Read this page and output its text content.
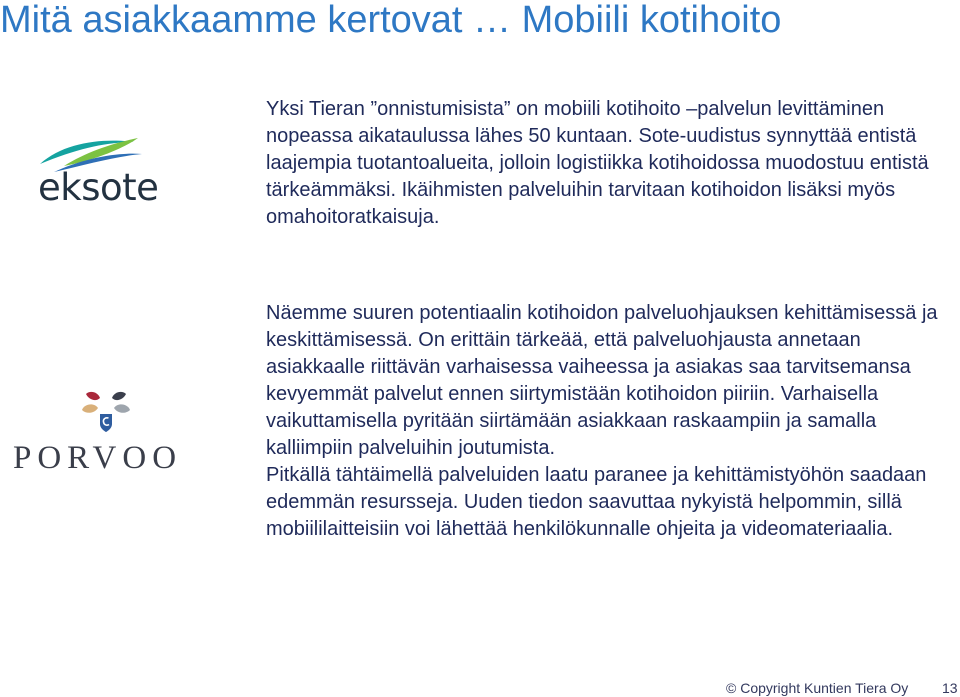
Mitä asiakkaamme kertovat … Mobiili kotihoito
eksote

Yksi Tieran ”onnistumisista” on mobiili kotihoito –palvelun levittäminen nopeassa aikataulussa lähes 50 kuntaan. Sote-uudistus synnyttää entistä laajempia tuotantoalueita, jolloin logistiikka kotihoidossa muodostuu entistä tärkeämmäksi. Ikäihmisten palveluihin tarvitaan kotihoidon lisäksi myös omahoitoratkaisuja.

PORVOO

Näemme suuren potentiaalin kotihoidon palveluohjauksen kehittämisessä ja keskittämisessä. On erittäin tärkeää, että palveluohjausta annetaan asiakkaalle riittävän varhaisessa vaiheessa ja asiakas saa tarvitsemansa kevyemmät palvelut ennen siirtymistään kotihoidon piiriin. Varhaisella vaikuttamisella pyritään siirtämään asiakkaan raskaampiin ja samalla kalliimpiin palveluihin joutumista.

Pitkällä tähtäimellä palveluiden laatu paranee ja kehittämistyöhön saadaan edemmän resursseja. Uuden tiedon saavuttaa nykyistä helpommin, sillä mobiililaitteisiin voi lähettää henkilökunnalle ohjeita ja videomateriaalia.

© Copyright Kuntien Tiera Oy 13
